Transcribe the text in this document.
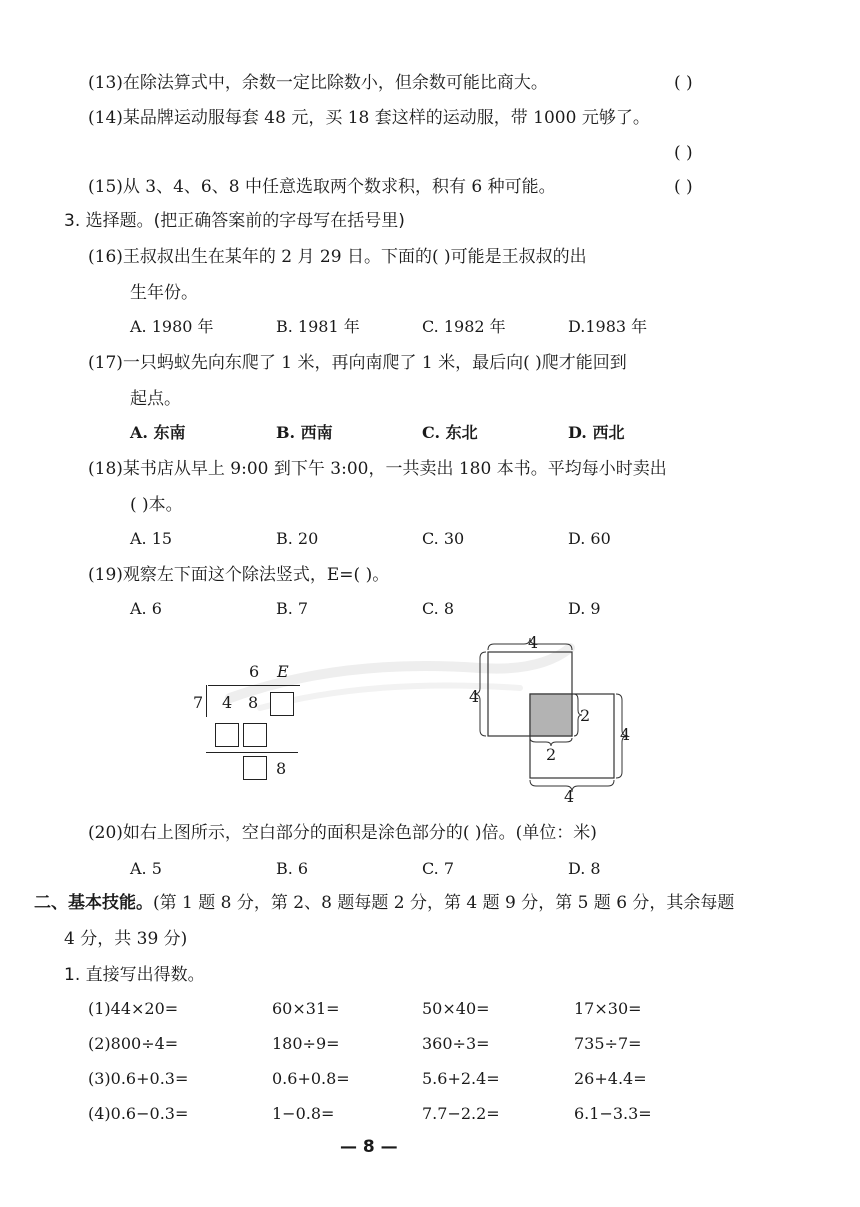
(13)在除法算式中，余数一定比除数小，但余数可能比商大。	( )
(14)某品牌运动服每套 48 元，买 18 套这样的运动服，带 1000 元够了。
( )
(15)从 3、4、6、8 中任意选取两个数求积，积有 6 种可能。	( )
3. 选择题。(把正确答案前的字母写在括号里)
(16)王叔叔出生在某年的 2 月 29 日。下面的( )可能是王叔叔的出
生年份。
A. 1980 年	B. 1981 年	C. 1982 年	D.1983 年
(17)一只蚂蚁先向东爬了 1 米，再向南爬了 1 米，最后向( )爬才能回到
起点。
A. 东南	B. 西南	C. 东北	D. 西北
(18)某书店从早上 9:00 到下午 3:00，一共卖出 180 本书。平均每小时卖出
( )本。
A. 15	B. 20	C. 30	D. 60
(19)观察左下面这个除法竖式，E=( )。
A. 6	B. 7	C. 8	D. 9
6 E
7 4 8
8
4
4
2
2
4
4
(20)如右上图所示，空白部分的面积是涂色部分的( )倍。(单位：米)
A. 5	B. 6	C. 7	D. 8
二、基本技能。(第 1 题 8 分，第 2、8 题每题 2 分，第 4 题 9 分，第 5 题 6 分，其余每题
4 分，共 39 分)
1. 直接写出得数。
(1)44×20=	60×31=	50×40=	17×30=
(2)800÷4=	180÷9=	360÷3=	735÷7=
(3)0.6+0.3=	0.6+0.8=	5.6+2.4=	26+4.4=
(4)0.6−0.3=	1−0.8=	7.7−2.2=	6.1−3.3=
— 8 —
